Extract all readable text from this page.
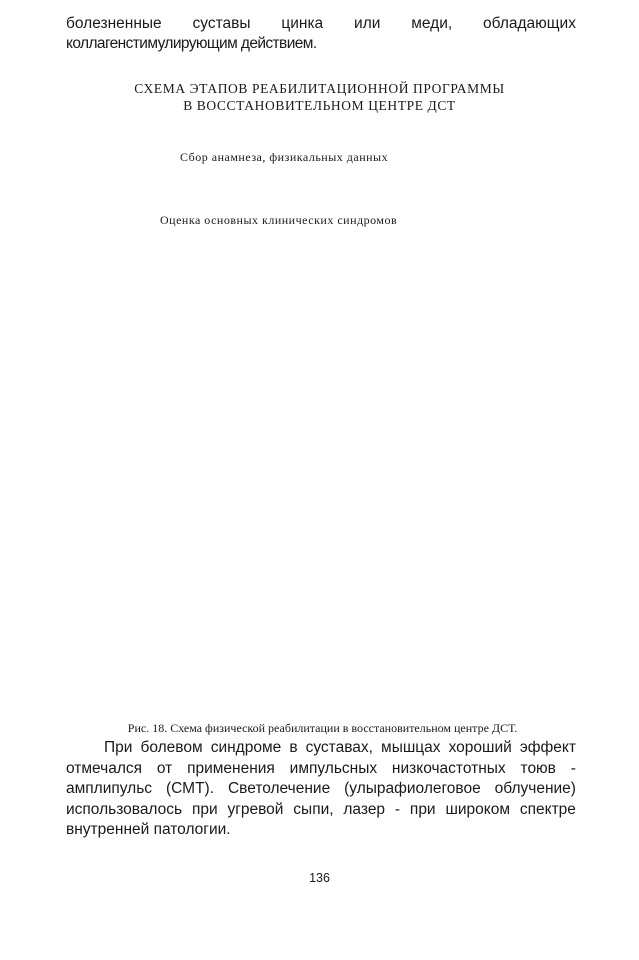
болезненные суставы цинка или меди, обладающих
коллагенстимулирующим действием.
СХЕМА ЭТАПОВ РЕАБИЛИТАЦИОННОЙ ПРОГРАММЫ
В ВОССТАНОВИТЕЛЬНОМ ЦЕНТРЕ ДСТ
Сбор анамнеза, физикальных данных
Оценка основных клинических синдромов
Рис. 18. Схема физической реабилитации в восстановительном центре ДСТ.
При болевом синдроме в суставах, мышцах хороший эффект
отмечался от применения импульсных низкочастотных тоюв -
амплипульс (СМТ). Светолечение (улырафиолеговое облучение)
использовалось при угревой сыпи, лазер - при широком спектре
внутренней патологии.
136
